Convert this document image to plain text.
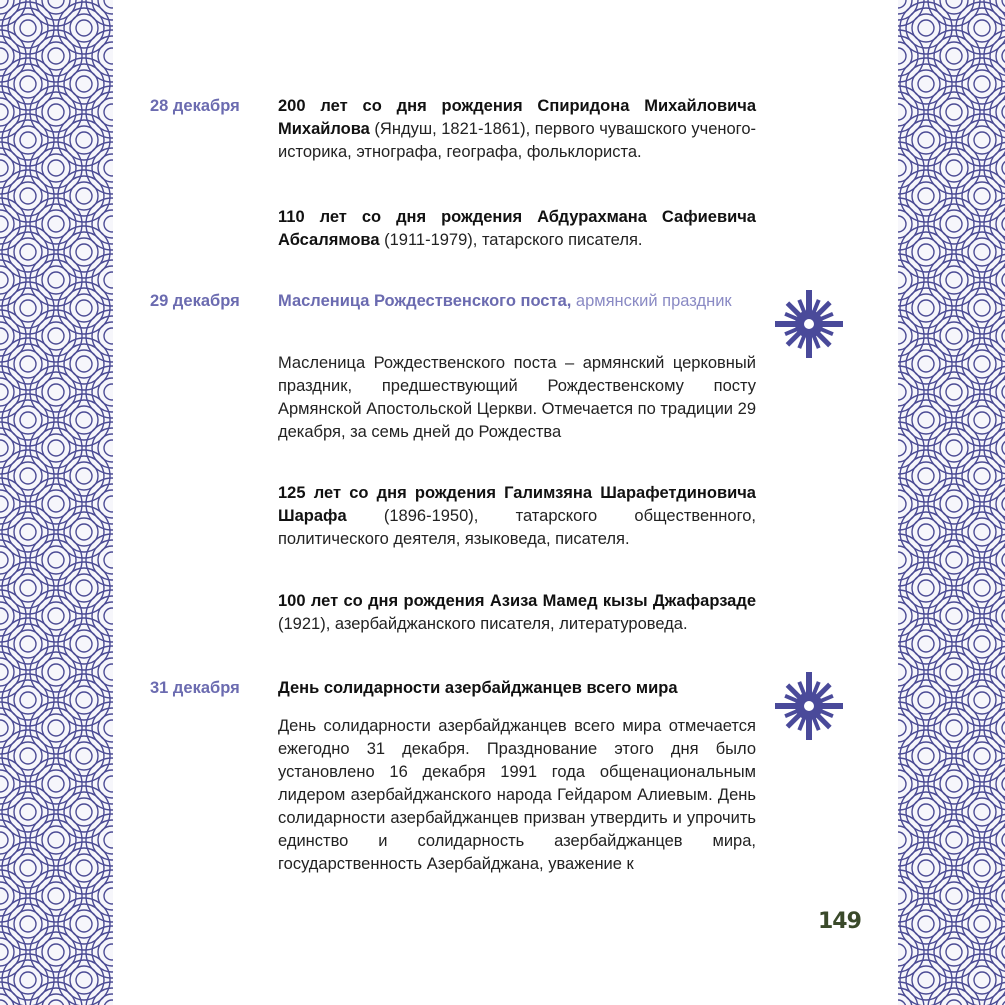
28 декабря	200 лет со дня рождения Спиридона Михайловича Михайлова (Яндуш, 1821-1861), первого чувашского ученого-историка, этнографа, географа, фольклориста.
110 лет со дня рождения Абдурахмана Сафиевича Абсалямова (1911-1979), татарского писателя.
29 декабря	Масленица Рождественского поста, армянский праздник
Масленица Рождественского поста – армянский церковный праздник, предшествующий Рождественскому посту Армянской Апостольской Церкви. Отмечается по традиции 29 декабря, за семь дней до Рождества
125 лет со дня рождения Галимзяна Шарафетдиновича Шарафа (1896-1950), татарского общественного, политического деятеля, языковеда, писателя.
100 лет со дня рождения Азиза Мамед кызы Джафарзаде (1921), азербайджанского писателя, литературоведа.
31 декабря	День солидарности азербайджанцев всего мира
День солидарности азербайджанцев всего мира отмечается ежегодно 31 декабря. Празднование этого дня было установлено 16 декабря 1991 года общенациональным лидером азербайджанского народа Гейдаром Алиевым. День солидарности азербайджанцев призван утвердить и упрочить единство и солидарность азербайджанцев мира, государственность Азербайджана, уважение к
149
